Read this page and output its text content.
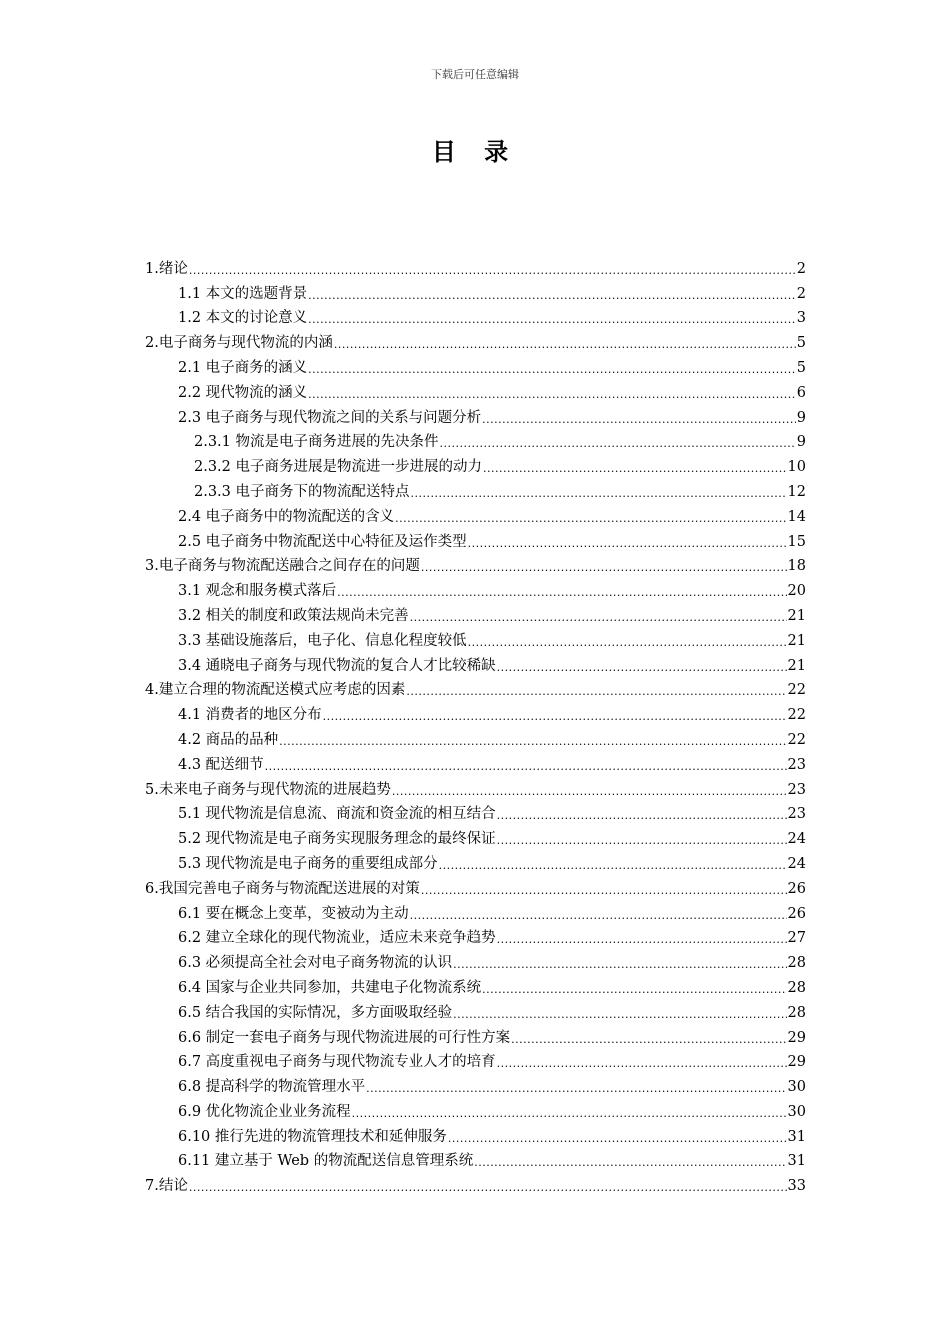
下载后可任意编辑
目 录
1.绪论 .....	2
1.1 本文的选题背景 .....	2
1.2 本文的讨论意义 .....	3
2.电子商务与现代物流的内涵 .....	5
2.1 电子商务的涵义 .....	5
2.2 现代物流的涵义 .....	6
2.3 电子商务与现代物流之间的关系与问题分析 .....	9
2.3.1 物流是电子商务进展的先决条件 .....	9
2.3.2 电子商务进展是物流进一步进展的动力 .....	10
2.3.3 电子商务下的物流配送特点 .....	12
2.4 电子商务中的物流配送的含义 .....	14
2.5 电子商务中物流配送中心特征及运作类型 .....	15
3.电子商务与物流配送融合之间存在的问题 .....	18
3.1 观念和服务模式落后 .....	20
3.2 相关的制度和政策法规尚未完善 .....	21
3.3 基础设施落后，电子化、信息化程度较低 .....	21
3.4 通晓电子商务与现代物流的复合人才比较稀缺 .....	21
4.建立合理的物流配送模式应考虑的因素 .....	22
4.1 消费者的地区分布 .....	22
4.2 商品的品种 .....	22
4.3 配送细节 .....	23
5.未来电子商务与现代物流的进展趋势 .....	23
5.1 现代物流是信息流、商流和资金流的相互结合 .....	23
5.2 现代物流是电子商务实现服务理念的最终保证 .....	24
5.3 现代物流是电子商务的重要组成部分 .....	24
6.我国完善电子商务与物流配送进展的对策 .....	26
6.1 要在概念上变革，变被动为主动 .....	26
6.2 建立全球化的现代物流业，适应未来竞争趋势 .....	27
6.3 必须提高全社会对电子商务物流的认识 .....	28
6.4 国家与企业共同参加，共建电子化物流系统 .....	28
6.5 结合我国的实际情况，多方面吸取经验 .....	28
6.6 制定一套电子商务与现代物流进展的可行性方案 .....	29
6.7 高度重视电子商务与现代物流专业人才的培育 .....	29
6.8 提高科学的物流管理水平 .....	30
6.9 优化物流企业业务流程 .....	30
6.10 推行先进的物流管理技术和延伸服务 .....	31
6.11 建立基于 Web 的物流配送信息管理系统 .....	31
7.结论 .....	33
